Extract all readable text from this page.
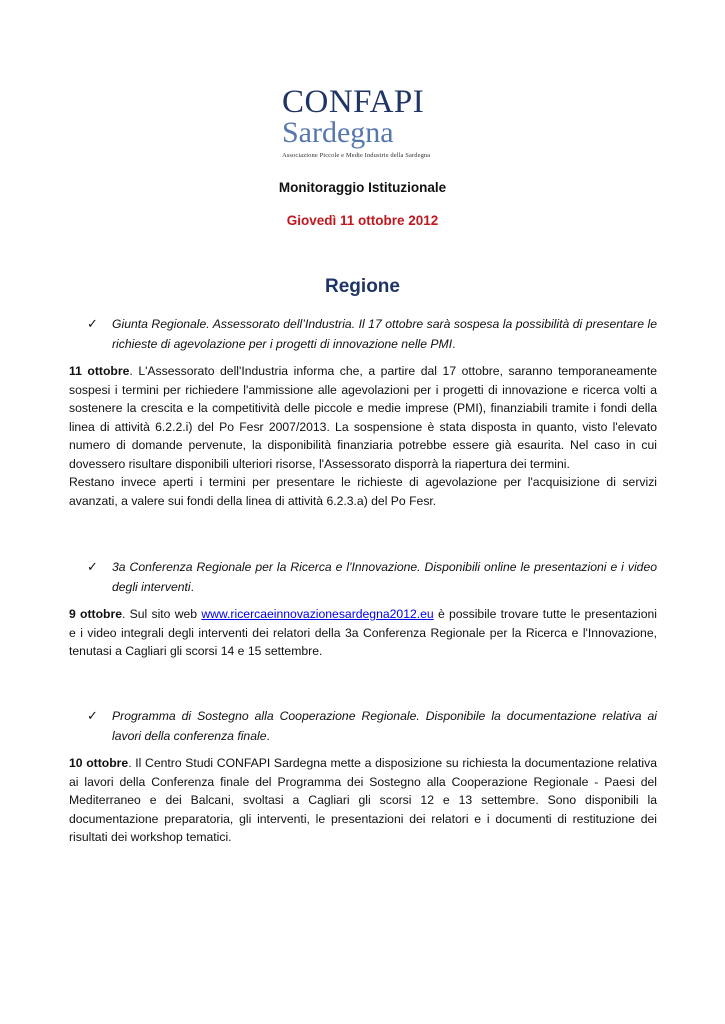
CONFAPI
Sardegna
Associazione Piccole e Medie Industrie della Sardegna
Monitoraggio Istituzionale
Giovedì 11 ottobre 2012
Regione
✓ Giunta Regionale. Assessorato dell’Industria. Il 17 ottobre sarà sospesa la possibilità di presentare le richieste di agevolazione per i progetti di innovazione nelle PMI.
11 ottobre. L'Assessorato dell'Industria informa che, a partire dal 17 ottobre, saranno temporaneamente sospesi i termini per richiedere l'ammissione alle agevolazioni per i progetti di innovazione e ricerca volti a sostenere la crescita e la competitività delle piccole e medie imprese (PMI), finanziabili tramite i fondi della linea di attività 6.2.2.i) del Po Fesr 2007/2013. La sospensione è stata disposta in quanto, visto l'elevato numero di domande pervenute, la disponibilità finanziaria potrebbe essere già esaurita. Nel caso in cui dovessero risultare disponibili ulteriori risorse, l'Assessorato disporrà la riapertura dei termini.
Restano invece aperti i termini per presentare le richieste di agevolazione per l'acquisizione di servizi avanzati, a valere sui fondi della linea di attività 6.2.3.a) del Po Fesr.
✓ 3a Conferenza Regionale per la Ricerca e l'Innovazione. Disponibili online le presentazioni e i video degli interventi.
9 ottobre. Sul sito web www.ricercaeinnovazionesardegna2012.eu è possibile trovare tutte le presentazioni e i video integrali degli interventi dei relatori della 3a Conferenza Regionale per la Ricerca e l'Innovazione, tenutasi a Cagliari gli scorsi 14 e 15 settembre.
✓ Programma di Sostegno alla Cooperazione Regionale. Disponibile la documentazione relativa ai lavori della conferenza finale.
10 ottobre. Il Centro Studi CONFAPI Sardegna mette a disposizione su richiesta la documentazione relativa ai lavori della Conferenza finale del Programma dei Sostegno alla Cooperazione Regionale - Paesi del Mediterraneo e dei Balcani, svoltasi a Cagliari gli scorsi 12 e 13 settembre. Sono disponibili la documentazione preparatoria, gli interventi, le presentazioni dei relatori e i documenti di restituzione dei risultati dei workshop tematici.
